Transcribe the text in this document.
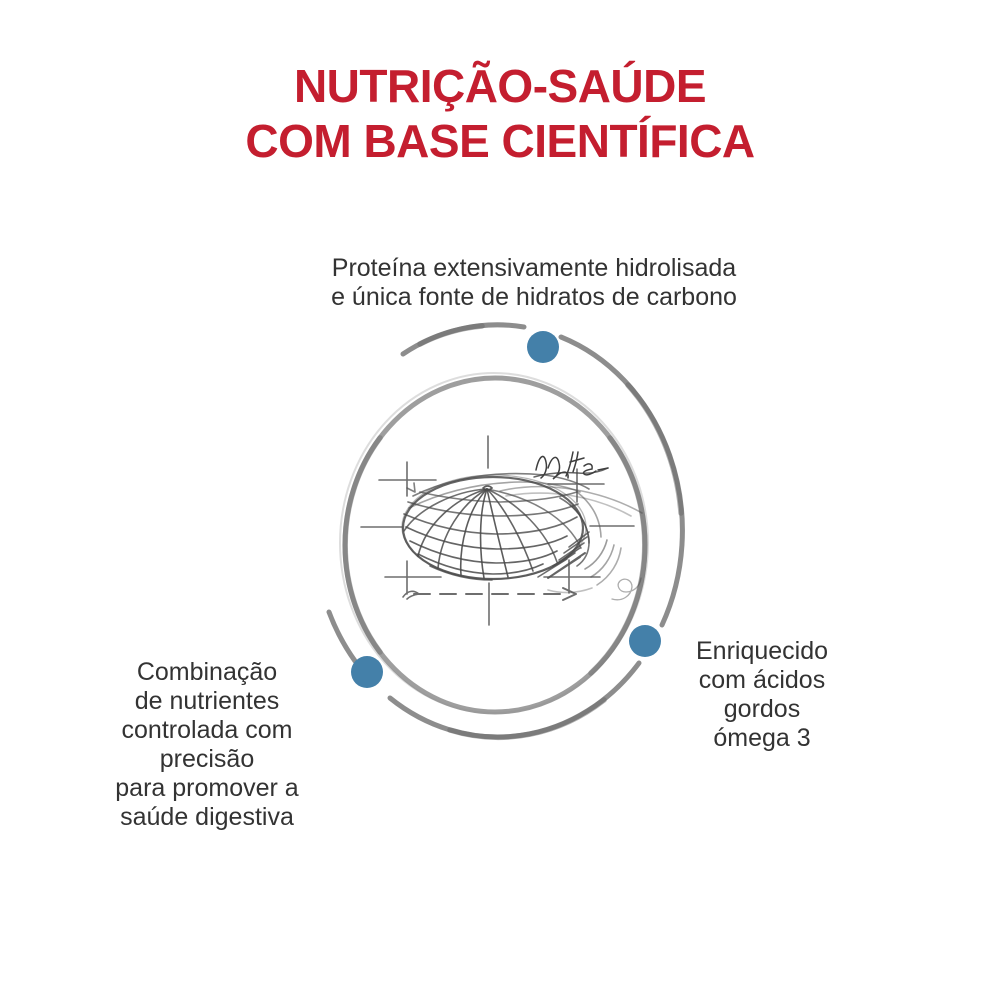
NUTRIÇÃO-SAÚDE
COM BASE CIENTÍFICA
Proteína extensivamente hidrolisada
e única fonte de hidratos de carbono
Combinação
de nutrientes
controlada com
precisão
para promover a
saúde digestiva
Enriquecido
com ácidos
gordos
ómega 3
